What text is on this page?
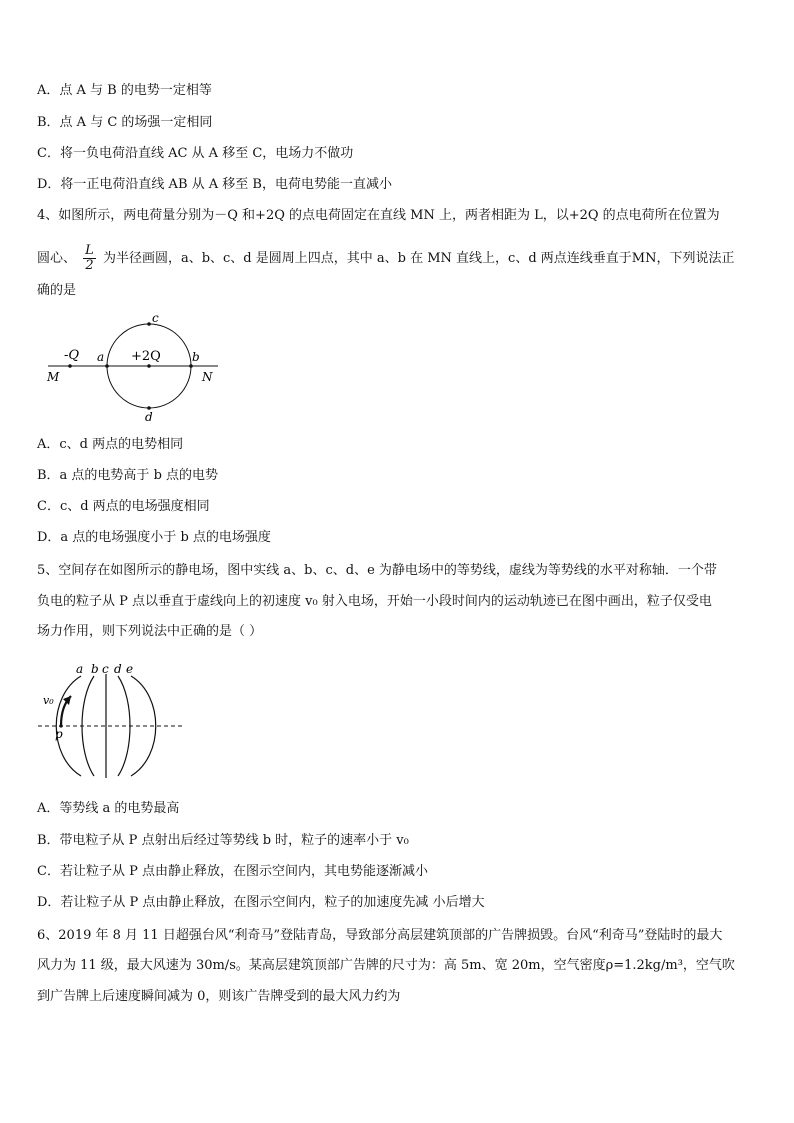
A．点 A 与 B 的电势一定相等
B．点 A 与 C 的场强一定相同
C．将一负电荷沿直线 AC 从 A 移至 C，电场力不做功
D．将一正电荷沿直线 AB 从 A 移至 B，电荷电势能一直减小
4、如图所示，两电荷量分别为－Q 和+2Q 的点电荷固定在直线 MN 上，两者相距为 L，以+2Q 的点电荷所在位置为
圆心、 $\frac{L}{2}$ 为半径画圆，a、b、c、d 是圆周上四点，其中 a、b 在 MN 直线上，c、d 两点连线垂直于MN，下列说法正
确的是
c
d
-Q a +2Q	b
M	N
A．c、d 两点的电势相同
B．a 点的电势高于 b 点的电势
C．c、d 两点的电场强度相同
D．a 点的电场强度小于 b 点的电场强度
5、空间存在如图所示的静电场，图中实线 a、b、c、d、e 为静电场中的等势线，虚线为等势线的水平对称轴．一个带
负电的粒子从 P 点以垂直于虚线向上的初速度 v₀ 射入电场，开始一小段时间内的运动轨迹已在图中画出，粒子仅受电
场力作用，则下列说法中正确的是（ ）
a b c d e
v₀
p
A．等势线 a 的电势最高
B．带电粒子从 P 点射出后经过等势线 b 时，粒子的速率小于 v₀
C．若让粒子从 P 点由静止释放，在图示空间内，其电势能逐渐减小
D．若让粒子从 P 点由静止释放，在图示空间内，粒子的加速度先减 小后增大
6、2019 年 8 月 11 日超强台风“利奇马”登陆青岛，导致部分高层建筑顶部的广告牌损毁。台风“利奇马”登陆时的最大
风力为 11 级，最大风速为 30m/s。某高层建筑顶部广告牌的尺寸为：高 5m、宽 20m，空气密度ρ=1.2kg/m³，空气吹
到广告牌上后速度瞬间减为 0，则该广告牌受到的最大风力约为
